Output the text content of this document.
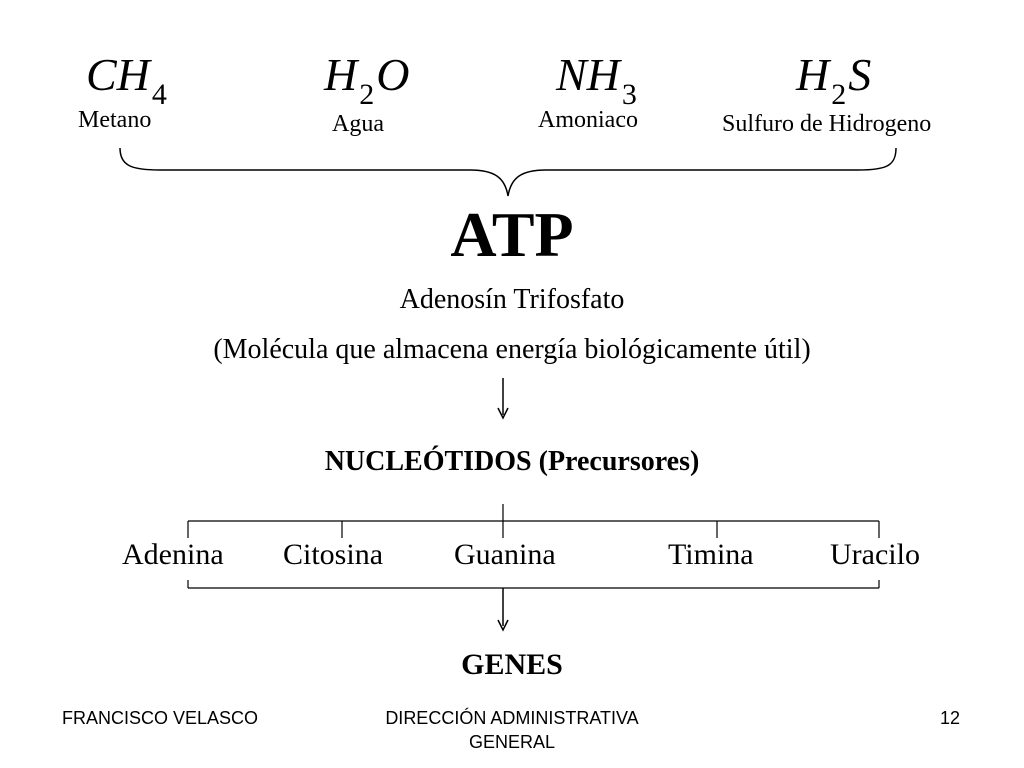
$CH_4$	$H_2O$	$NH_3$	$H_2S$
Metano	Agua	Amoniaco	Sulfuro de Hidrogeno
ATP
Adenosín Trifosfato
(Molécula que almacena energía biológicamente útil)
NUCLEÓTIDOS (Precursores)
Adenina Citosina Guanina	Timina	Uracilo
GENES
FRANCISCO VELASCO	DIRECCIÓN ADMINISTRATIVA GENERAL
12
